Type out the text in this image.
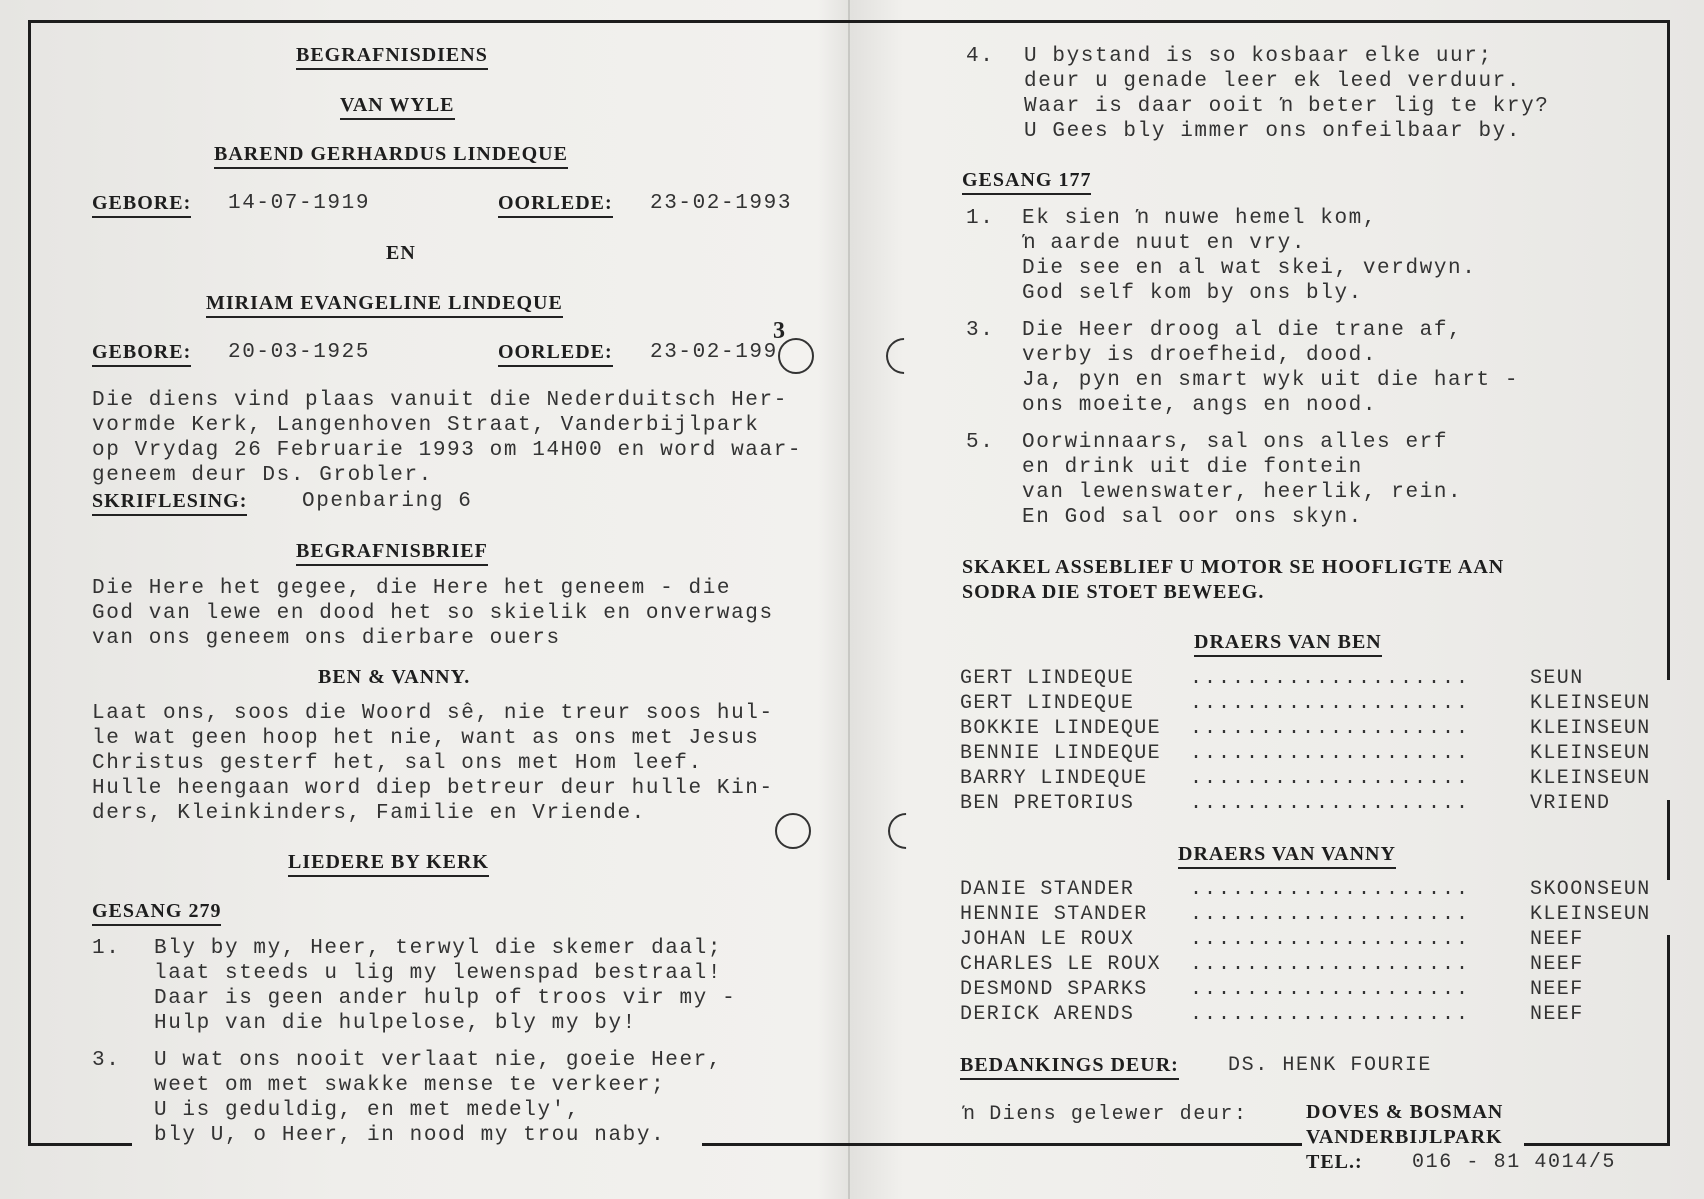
BEGRAFNISDIENS
VAN WYLE
BAREND GERHARDUS LINDEQUE
GEBORE: 14-07-1919	OORLEDE: 23-02-1993
EN
MIRIAM EVANGELINE LINDEQUE
GEBORE: 20-03-1925	OORLEDE: 23-02-199
3
Die diens vind plaas vanuit die Nederduitsch Her-
vormde Kerk, Langenhoven Straat, Vanderbijlpark
op Vrydag 26 Februarie 1993 om 14H00 en word waar-
geneem deur Ds. Grobler.
SKRIFLESING:	Openbaring 6
BEGRAFNISBRIEF
Die Here het gegee, die Here het geneem - die
God van lewe en dood het so skielik en onverwags
van ons geneem ons dierbare ouers
BEN & VANNY.
Laat ons, soos die Woord sê, nie treur soos hul-
le wat geen hoop het nie, want as ons met Jesus
Christus gesterf het, sal ons met Hom leef.
Hulle heengaan word diep betreur deur hulle Kin-
ders, Kleinkinders, Familie en Vriende.
LIEDERE BY KERK
GESANG 279
1. Bly by my, Heer, terwyl die skemer daal;
laat steeds u lig my lewenspad bestraal!
Daar is geen ander hulp of troos vir my -
Hulp van die hulpelose, bly my by!
3. U wat ons nooit verlaat nie, goeie Heer,
weet om met swakke mense te verkeer;
U is geduldig, en met medely',
bly U, o Heer, in nood my trou naby.
4. U bystand is so kosbaar elke uur;
deur u genade leer ek leed verduur.
Waar is daar ooit ŉ beter lig te kry?
U Gees bly immer ons onfeilbaar by.
GESANG 177
1. Ek sien ŉ nuwe hemel kom,
ŉ aarde nuut en vry.
Die see en al wat skei, verdwyn.
God self kom by ons bly.
3. Die Heer droog al die trane af,
verby is droefheid, dood.
Ja, pyn en smart wyk uit die hart -
ons moeite, angs en nood.
5. Oorwinnaars, sal ons alles erf
en drink uit die fontein
van lewenswater, heerlik, rein.
En God sal oor ons skyn.
SKAKEL ASSEBLIEF U MOTOR SE HOOFLIGTE AAN
SODRA DIE STOET BEWEEG.
DRAERS VAN BEN
GERT LINDEQUE	....................	SEUN
GERT LINDEQUE	....................	KLEINSEUN
BOKKIE LINDEQUE ....................	KLEINSEUN
BENNIE LINDEQUE ....................	KLEINSEUN
BARRY LINDEQUE ....................	KLEINSEUN
BEN PRETORIUS	....................	VRIEND
DRAERS VAN VANNY
DANIE STANDER	....................	SKOONSEUN
HENNIE STANDER ....................	KLEINSEUN
JOHAN LE ROUX	....................	NEEF
CHARLES LE ROUX ....................	NEEF
DESMOND SPARKS ....................	NEEF
DERICK ARENDS	....................	NEEF
BEDANKINGS DEUR: DS. HENK FOURIE
ŉ Diens gelewer deur:	DOVES & BOSMAN
VANDERBIJLPARK
TEL.: 016 - 81 4014/5
